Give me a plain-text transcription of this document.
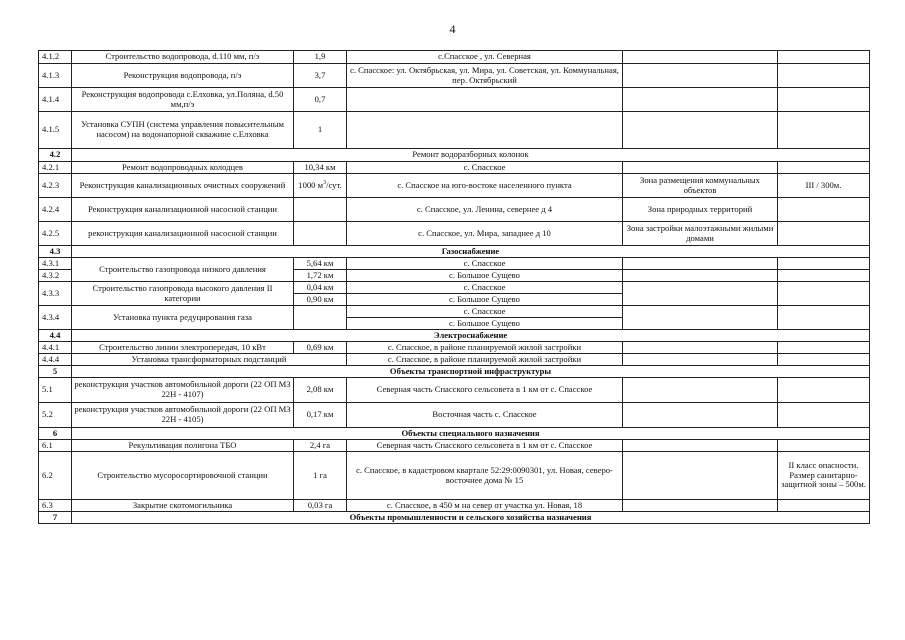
4
4.1.2	Строительство водопровода, d.110 мм, п/э	1,9	с.Спасское , ул. Северная		
4.1.3	Реконструкция водопровода, п/э	3,7	с. Спасское: ул. Октябрьская, ул. Мира, ул. Советская, ул. Коммунальная, пер. Октябрьский		
4.1.4	Реконструкция водопровода с.Елховка, ул.Поляна, d.50 мм,п/э	0,7			
4.1.5	Установка СУПН (система управления повысительным насосом) на водонапорной скважине с.Елховка	1			
4.2	Ремонт водоразборных колонок				
4.2.1	Ремонт водопроводных колодцев	10,34 км	с. Спасское		
4.2.3	Реконструкция канализационных очистных сооружений	1000 $м^3$/сут.	с. Спасское на юго-востоке населенного пункта	Зона размещения коммунальных объектов	III / 300м.
4.2.4	Реконструкция канализационной насосной станции		с. Спасское, ул. Ленина, севернее д 4	Зона природных территорий	
4.2.5	реконструкция канализационной насосной станции		с. Спасское, ул. Мира, западнее д 10	Зона застройки малоэтажными жилыми домами	
4.3	Газоснабжение				
4.3.1	Строительство газопровода низкого давления	5,64 км	с. Спасское		
4.3.2		1,72 км	с. Большое Сущево		
4.3.3	Строительство газопровода высокого давления II категории	0,04 км	с. Спасское		
		0,90 км	с. Большое Сущево		
4.3.4	Установка пункта редуцирования газа		с. Спасское		
			с. Большое Сущево		
4.4	Электроснабжение				
4.4.1	Строительство линии электропередач, 10 кВт	0,69 км	с. Спасское, в районе планируемой жилой застройки		
4.4.4	Установка трансформаторных подстанций		с. Спасское, в районе планируемой жилой застройки		
5	Объекты транспортной инфраструктуры				
5.1	реконструкция участков автомобильной дороги (22 ОП МЗ 22Н - 4107)	2,08 км	Северная часть Спасского сельсовета в 1 км от с. Спасское		
5.2	реконструкция участков автомобильной дороги (22 ОП МЗ 22Н - 4105)	0,17 км	Восточная часть с. Спасское		
6	Объекты специального назначения				
6.1	Рекультивация полигона ТБО	2,4 га	Северная часть Спасского сельсовета в 1 км от с. Спасское		
6.2	Строительство мусоросортировочной станции	1 га	с. Спасское, в кадастровом квартале 52:29:0090301, ул. Новая, северо-восточнее дома № 15		II класс опасности. Размер санитарно-защитной зоны – 500м.
6.3	Закрытие скотомогильника	0,03 га	с. Спасское, в 450 м на север от участка ул. Новая, 18		
7	Объекты промышленности и сельского хозяйства назначения				
